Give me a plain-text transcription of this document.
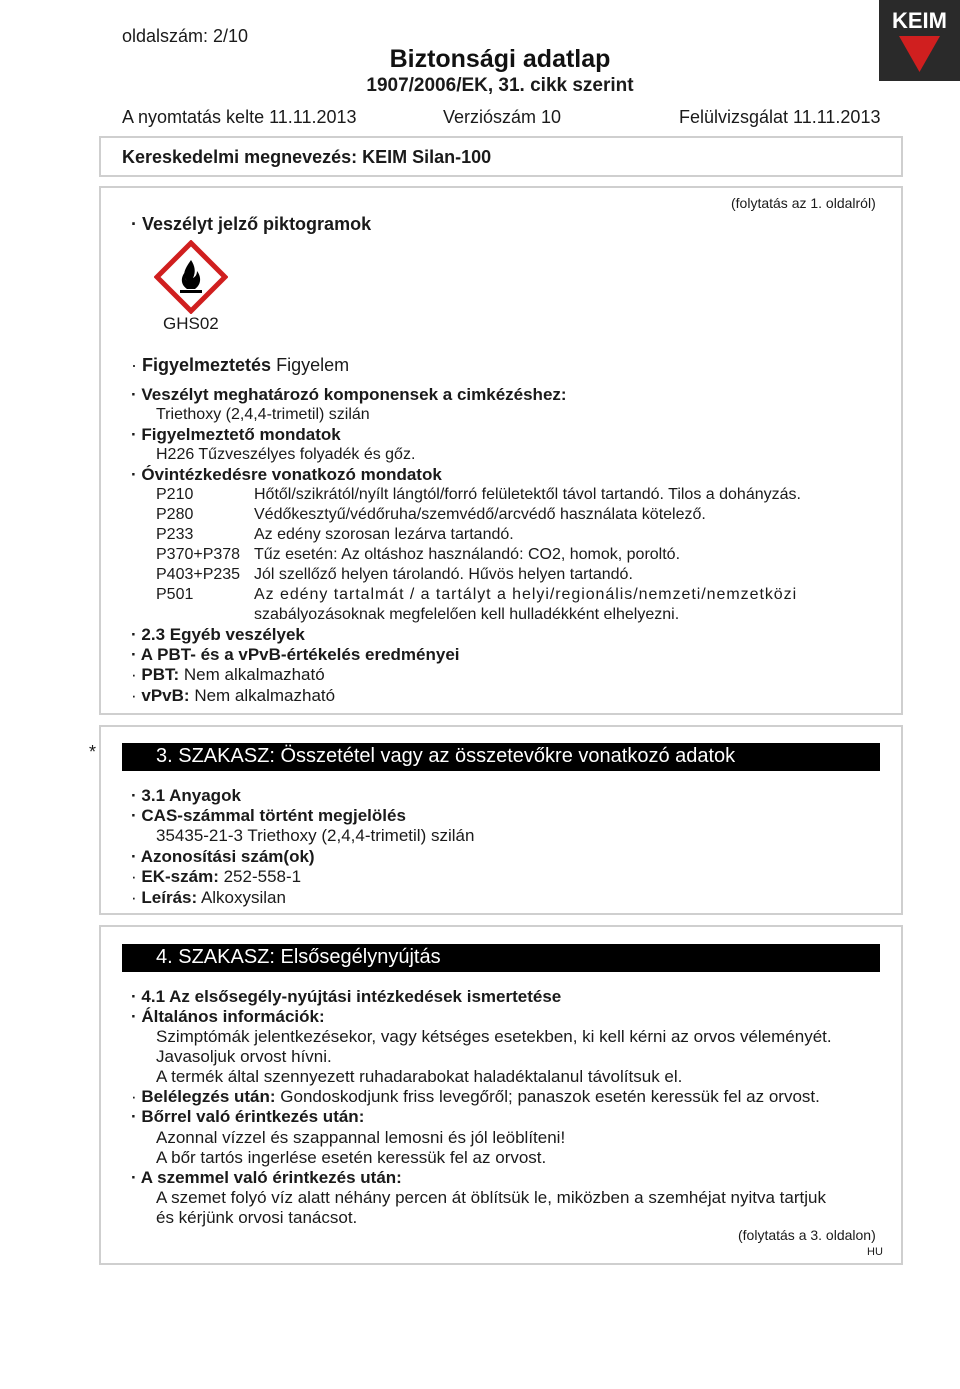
oldalszám: 2/10
Biztonsági adatlap
1907/2006/EK, 31. cikk szerint
KEIM
A nyomtatás kelte 11.11.2013	Verziószám 10	Felülvizsgálat 11.11.2013
Kereskedelmi megnevezés: KEIM Silan-100
(folytatás az 1. oldalról)
· Veszélyt jelző piktogramok
GHS02
· Figyelmeztetés Figyelem
· Veszélyt meghatározó komponensek a cimkézéshez:
Triethoxy (2,4,4-trimetil) szilán
· Figyelmeztető mondatok
H226 Tűzveszélyes folyadék és gőz.
· Óvintézkedésre vonatkozó mondatok
P210	Hőtől/szikrától/nyílt lángtól/forró felületektől távol tartandó. Tilos a dohányzás.
P280	Védőkesztyű/védőruha/szemvédő/arcvédő használata kötelező.
P233	Az edény szorosan lezárva tartandó.
P370+P378 Tűz esetén: Az oltáshoz használandó: CO2, homok, poroltó.
P403+P235 Jól szellőző helyen tárolandó. Hűvös helyen tartandó.
P501	Az edény tartalmát / a tartályt a helyi/regionális/nemzeti/nemzetközi
szabályozásoknak megfelelően kell hulladékként elhelyezni.
· 2.3 Egyéb veszélyek
· A PBT- és a vPvB-értékelés eredményei
· PBT: Nem alkalmazható
· vPvB: Nem alkalmazható
*	3. SZAKASZ: Összetétel vagy az összetevőkre vonatkozó adatok
· 3.1 Anyagok
· CAS-számmal történt megjelölés
35435-21-3 Triethoxy (2,4,4-trimetil) szilán
· Azonosítási szám(ok)
· EK-szám: 252-558-1
· Leírás: Alkoxysilan
4. SZAKASZ: Elsősegélynyújtás
· 4.1 Az elsősegély-nyújtási intézkedések ismertetése
· Általános információk:
Szimptómák jelentkezésekor, vagy kétséges esetekben, ki kell kérni az orvos véleményét.
Javasoljuk orvost hívni.
A termék által szennyezett ruhadarabokat haladéktalanul távolítsuk el.
· Belélegzés után: Gondoskodjunk friss levegőről; panaszok esetén keressük fel az orvost.
· Bőrrel való érintkezés után:
Azonnal vízzel és szappannal lemosni és jól leöblíteni!
A bőr tartós ingerlése esetén keressük fel az orvost.
· A szemmel való érintkezés után:
A szemet folyó víz alatt néhány percen át öblítsük le, miközben a szemhéjat nyitva tartjuk
és kérjünk orvosi tanácsot.
(folytatás a 3. oldalon)
HU
